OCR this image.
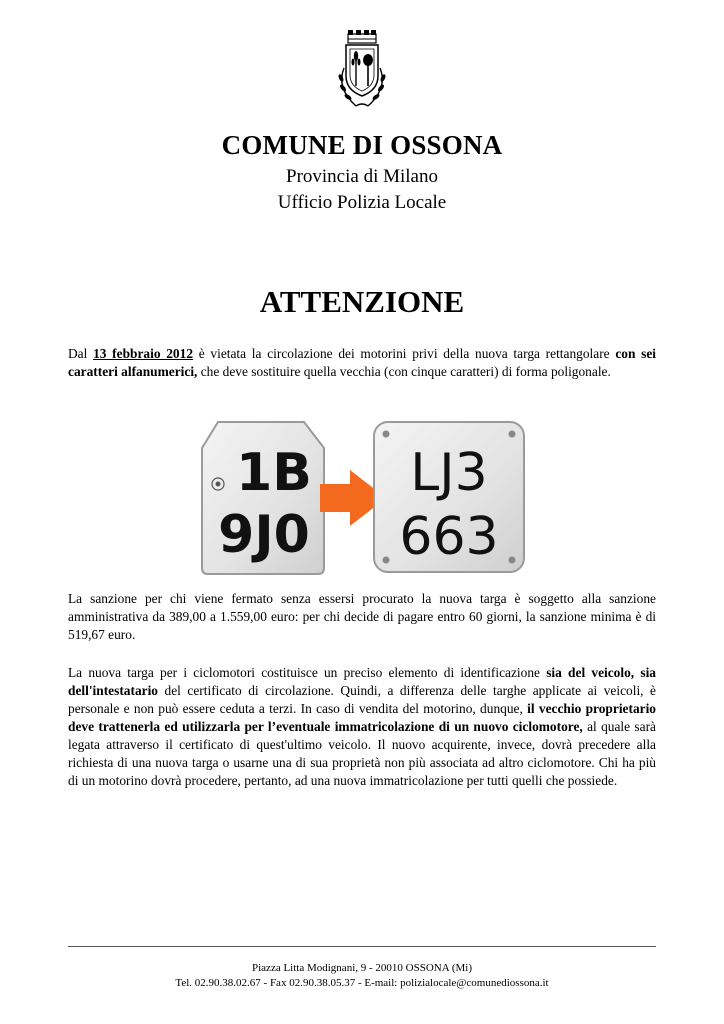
COMUNE DI OSSONA
Provincia di Milano
Ufficio Polizia Locale
ATTENZIONE
Dal 13 febbraio 2012 è vietata la circolazione dei motorini privi della nuova targa rettangolare con sei caratteri alfanumerici, che deve sostituire quella vecchia (con cinque caratteri) di forma poligonale.
1B
9J0
LJ3
663
La sanzione per chi viene fermato senza essersi procurato la nuova targa è soggetto alla sanzione amministrativa da 389,00 a 1.559,00 euro: per chi decide di pagare entro 60 giorni, la sanzione minima è di 519,67 euro.
La nuova targa per i ciclomotori costituisce un preciso elemento di identificazione sia del veicolo, sia dell'intestatario del certificato di circolazione. Quindi, a differenza delle targhe applicate ai veicoli, è personale e non può essere ceduta a terzi. In caso di vendita del motorino, dunque, il vecchio proprietario deve trattenerla ed utilizzarla per l’eventuale immatricolazione di un nuovo ciclomotore, al quale sarà legata attraverso il certificato di quest'ultimo veicolo. Il nuovo acquirente, invece, dovrà precedere alla richiesta di una nuova targa o usarne una di sua proprietà non più associata ad altro ciclomotore. Chi ha più di un motorino dovrà procedere, pertanto, ad una nuova immatricolazione per tutti quelli che possiede.
Piazza Litta Modignani, 9 - 20010 OSSONA (Mi)
Tel. 02.90.38.02.67 - Fax 02.90.38.05.37 - E-mail: polizialocale@comunediossona.it
